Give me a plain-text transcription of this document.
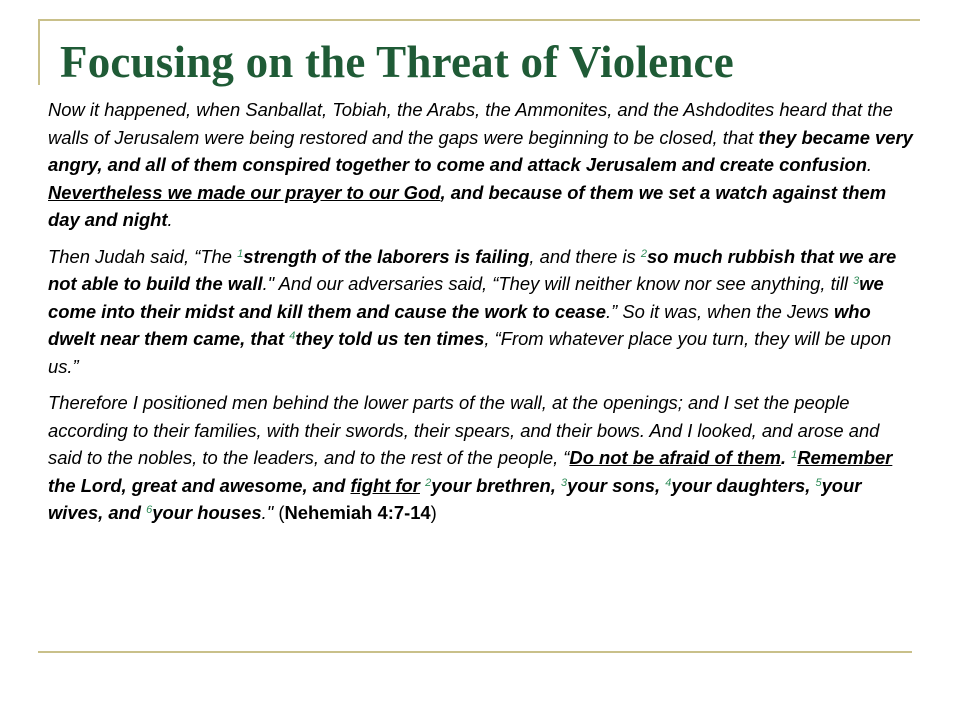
Focusing on the Threat of Violence

Now it happened, when Sanballat, Tobiah, the Arabs, the Ammonites, and the Ashdodites heard that the walls of Jerusalem were being restored and the gaps were beginning to be closed, that they became very angry, and all of them conspired together to come and attack Jerusalem and create confusion. Nevertheless we made our prayer to our God, and because of them we set a watch against them day and night.

Then Judah said, “The $^1$strength of the laborers is failing, and there is $^2$so much rubbish that we are not able to build the wall." And our adversaries said, “They will neither know nor see anything, till $^3$we come into their midst and kill them and cause the work to cease.” So it was, when the Jews who dwelt near them came, that $^4$they told us ten times, “From whatever place you turn, they will be upon us.”

Therefore I positioned men behind the lower parts of the wall, at the openings; and I set the people according to their families, with their swords, their spears, and their bows. And I looked, and arose and said to the nobles, to the leaders, and to the rest of the people, “Do not be afraid of them. $^1$Remember the Lord, great and awesome, and fight for $^2$your brethren, $^3$your sons, $^4$your daughters, $^5$your wives, and $^6$your houses." (Nehemiah 4:7-14)
